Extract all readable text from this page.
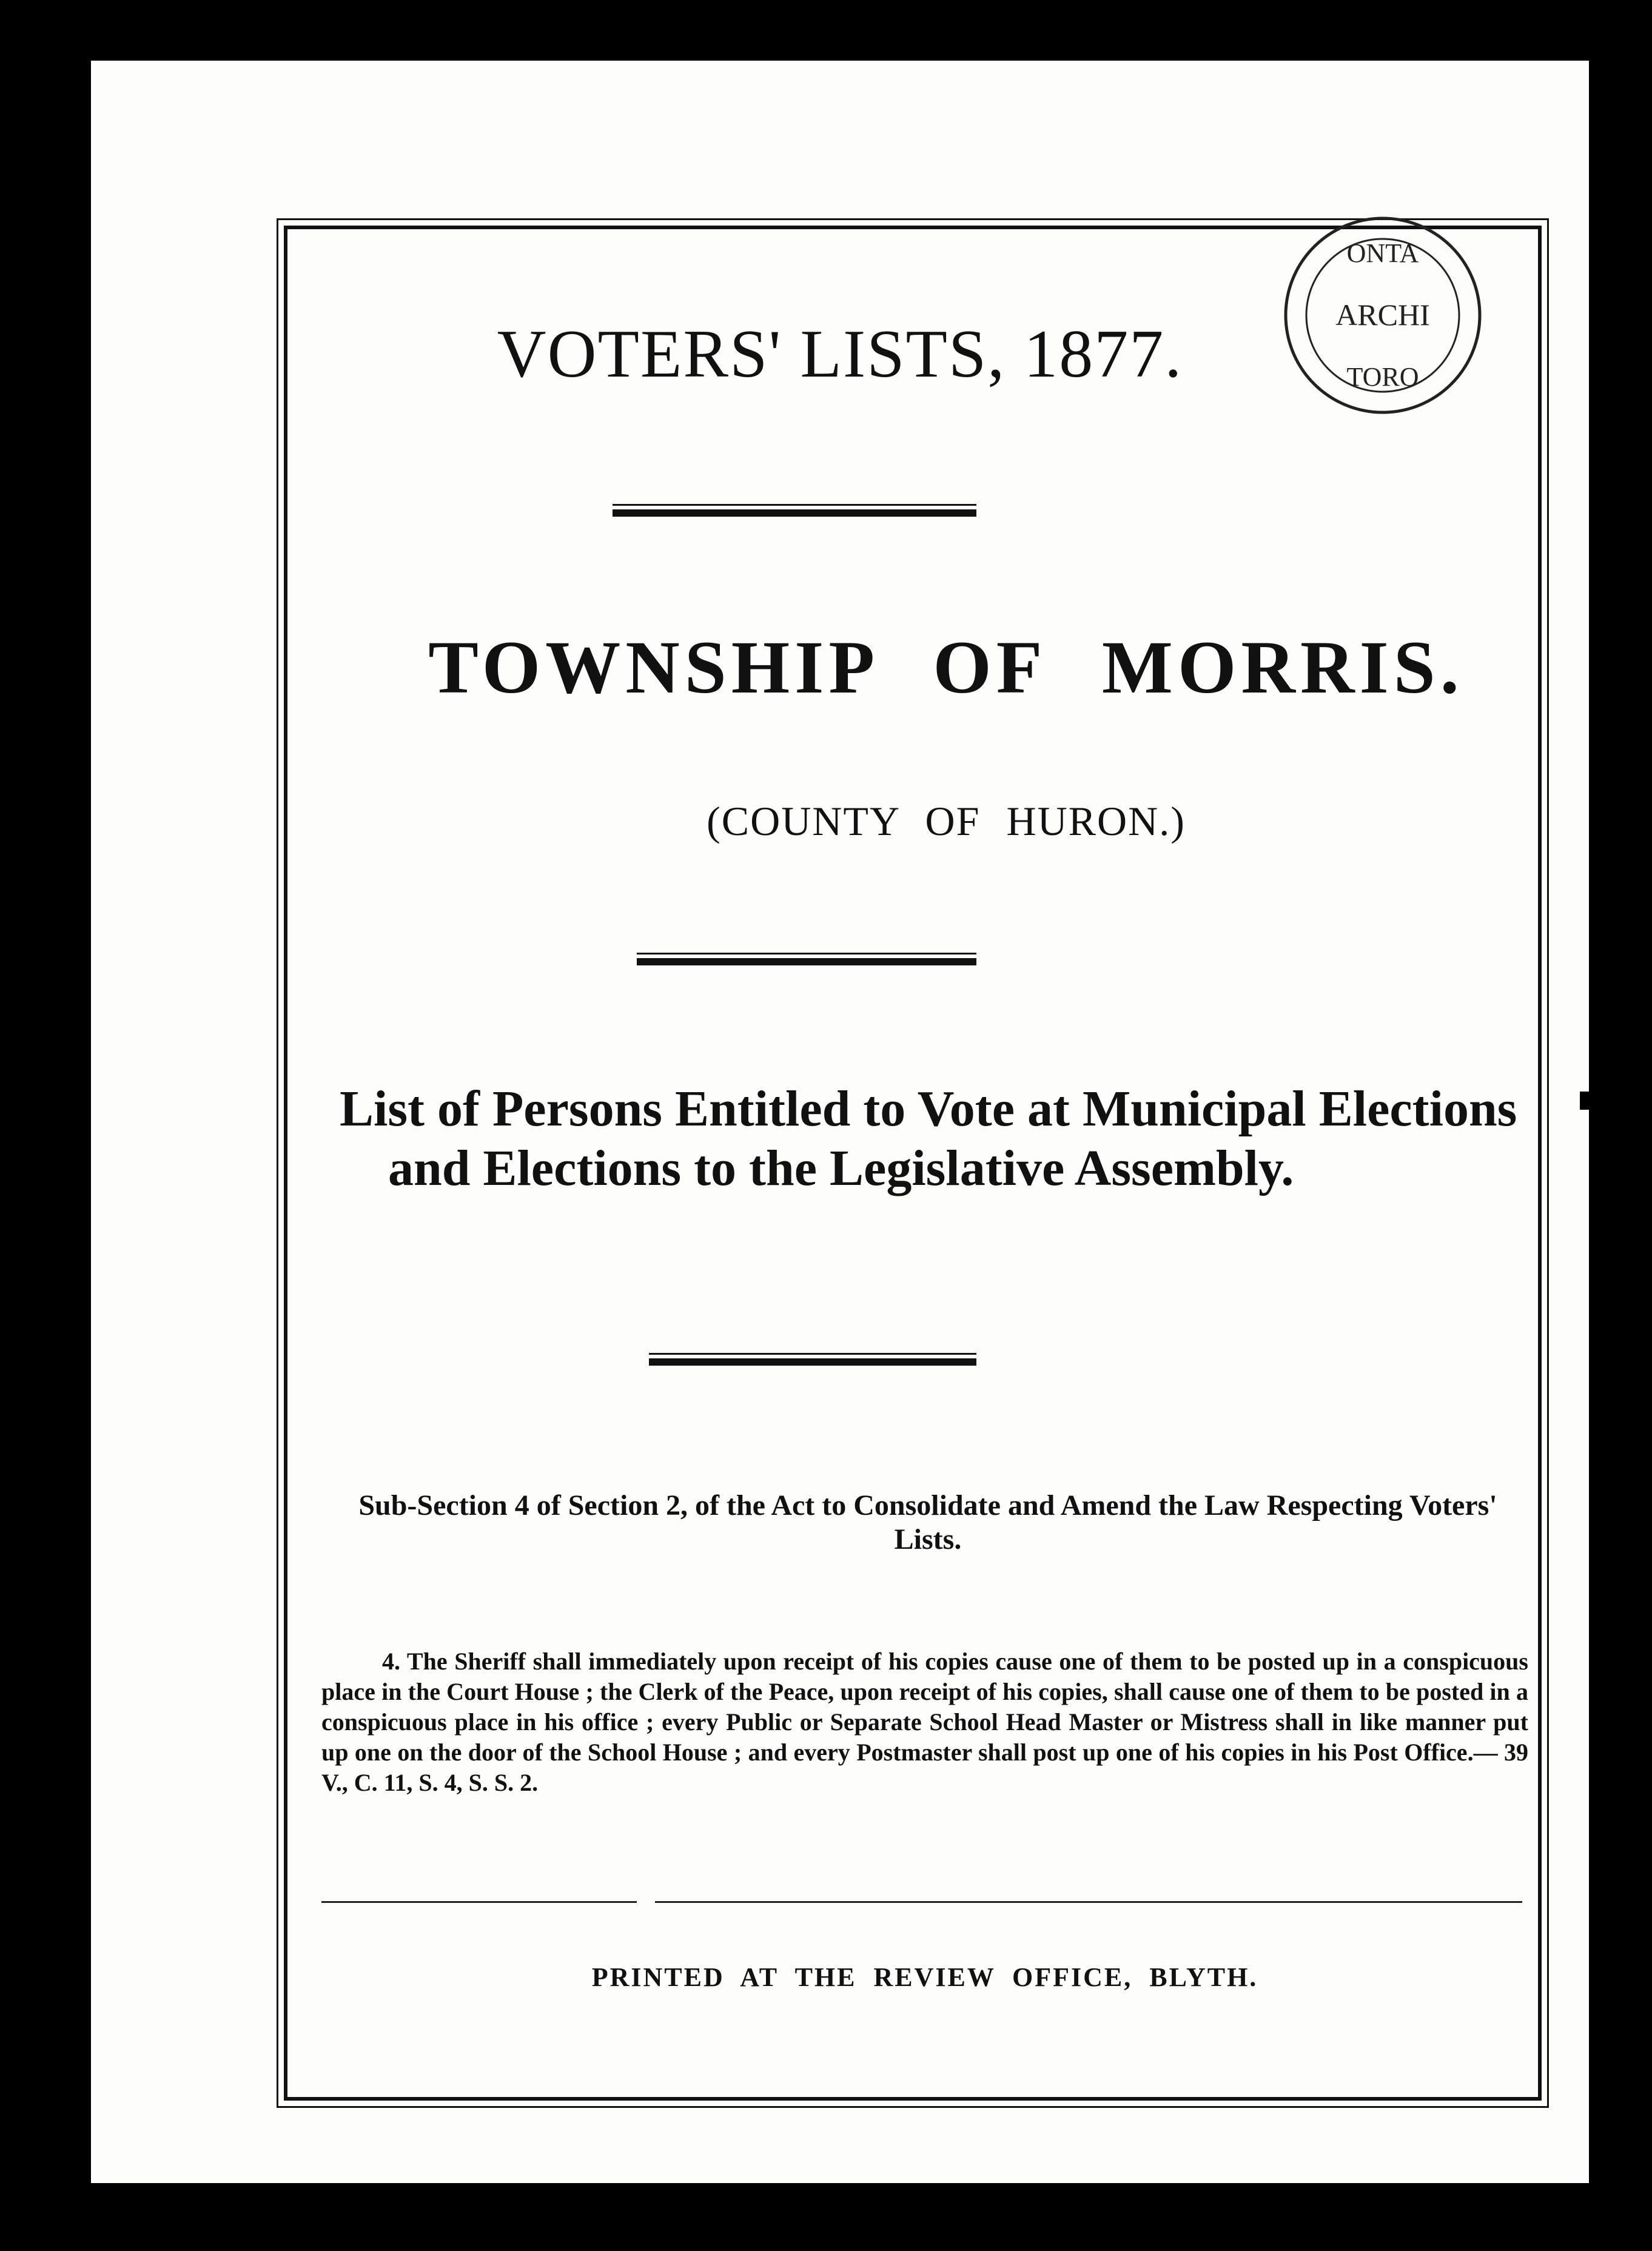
VOTERS' LISTS, 1877.
TOWNSHIP OF MORRIS.
(COUNTY OF HURON.)
List of Persons Entitled to Vote at Municipal Elections and Elections to the Legislative Assembly.
Sub-Section 4 of Section 2, of the Act to Consolidate and Amend the Law Respecting Voters' Lists.
4. The Sheriff shall immediately upon receipt of his copies cause one of them to be posted up in a conspicuous place in the Court House ; the Clerk of the Peace, upon receipt of his copies, shall cause one of them to be posted in a conspicuous place in his office ; every Public or Separate School Head Master or Mistress shall in like manner put up one on the door of the School House ; and every Postmaster shall post up one of his copies in his Post Office.— 39 V., C. 11, S. 4, S. S. 2.
PRINTED AT THE REVIEW OFFICE, BLYTH.
ONTA
ARCHI
TORO
